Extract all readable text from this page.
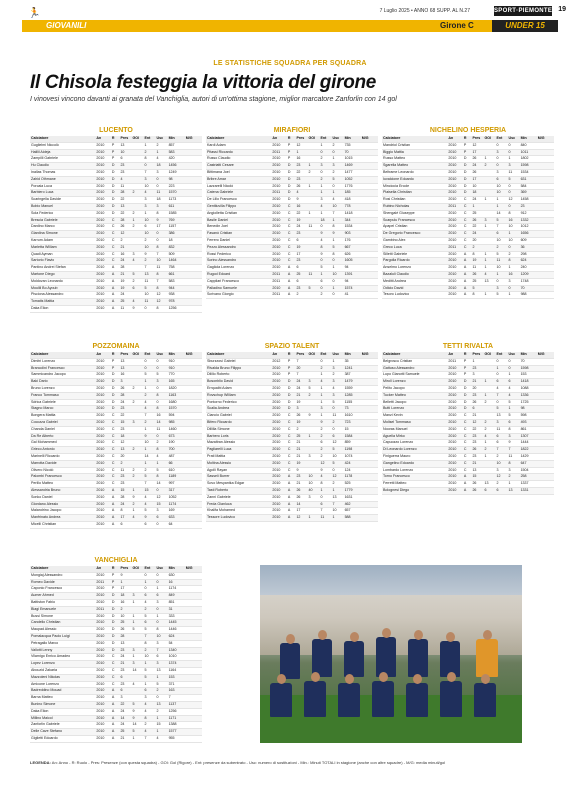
🏃	7 Luglio 2025 • ANNO 68 SUPP. AL N.27	SPORT·PIEMONTE 19
GIOVANILI	Girone C	UNDER 15
LE STATISTICHE SQUADRA PER SQUADRA
Il Chisola festeggia la vittoria del girone
I vinovesi vincono davanti ai granata del Vanchiglia, autori di un'ottima stagione, miglior marcatore Zanforlin con 14 gol
LUCENTO
Calciatore	An	R	Pres	GOl	Ent	Usc	Min	M/G
Guglielmi Niccolò	2010	P	13		1	2	857	
Halilil Aldeja	2010	P	10		2	1	583	
Zampilli Gabriele	2010	P	6		8	4	420	
Hu Claudio	2010	D	23		0	18	1456	
Inallas Thomas	2010	D	23		7	3	1249	
Zahid Othmane	2010	D	4		3	0	98	
Porcaia Luca	2010	D	11		10	0	223	
Barbiero Luca	2010	D	28	2	4	11	1570	
Scaringella Davide	2010	D	22		3	18	1173	
Bobio Manuel	2010	D	13		3	3	611	
Sola Federico	2010	D	22	2	1	8	1585	
Brescia Gabriele	2010	C	28	1	10	9	769	
Dardino Marco	2010	C	26	2	6	17	1157	
Giardina Simone	2010	C	12		10	0	386	
Karrum Adam	2010	C	2		2	0	18	
Marletta William	2010	C	21		10	8	832	
Quadi Ayman	2010	C	16	3	9	7	509	
Sartorio Flavio	2010	C	24	4	2	10	1464	
Pantino Andrei Stefan	2010	A	28		7	11	758	
Martone Diego	2010	A	21	5	13	8	661	
Moldovan Leonardo	2010	A	19	2	11	7	583	
Moulili Bo Ayoub	2010	A	19	6	5	8	944	
Pisciona Alessandro	2010	A	24		10	12	938	
Tomatis Mattia	2010	A	25	4	11	12	978	
Daka Elion	2010	A	11	9	0	8	1256	
MIRAFIORI
Calciatore	An	R	Pres	GOl	Ent	Usc	Min	M/G
Kardi Adam	2010	P	12		1	2	735	
Pitassi Riccardo	2011	P	1		0	0	70	
Russo Claudio	2010	P	16		2	1	1015	
Castriatti Cesare	2010	D	23	1	3	3	1469	
Bittimana Joel	2010	D	22	2	0	2	1477	
Bribre Amar	2010	D	23		2	5	1052	
Lazzarelli Nicolò	2010	D	26	1	1	0	1776	
Catena Gabriele	2011	D	4		1	1	185	
De Lillo Francesco	2010	D	9		3	4	418	
Gentiluvilla Filippo	2010	C	16		4	10	778	
Angiolletta Cristian	2010	C	22	1	1	7	1418	
Basile Daniel	2010	C	19		18	1	344	
Benedin Joel	2010	C	24	11	0	8	1534	
Fasanò Cristian	2010	C	23		9	9	903	
Ferrero Daniel	2010	C	6		4	1	176	
Pezzo Alessandro	2010	C	19		8	5	667	
Rossi Federico	2010	C	17		9	8	626	
Sorino Alessandro	2010	C	23		0	0	1605	
Gagliola Lorenzo	2010	A	6		5	1	94	
Rugod Edoard	2011	A	25	11	1	10	1391	
Cappilari Francesco	2011	A	6		6	0	94	
Palladino Samuele	2010	A	23	5	0	1	1574	
Scrivano Giorgio	2011	A	2		2	0	41	
NICHELINO HESPERIA
Calciatore	An	R	Pres	GOl	Ent	Usc	Min	M/G
Mandriol Cristian	2010	P	12		0	0	840	
Biggio Mattia	2010	P	17		3	0	1011	
Russo Matteo	2010	D	26	1	0	1	1802	
Sgarella Matteo	2010	D	24	2	0	3	1598	
Beltrame Leonardo	2010	D	26		3	11	1534	
Iuvalcione Edoardo	2010	D	17		6	5	631	
Minciocia Ercole	2010	D	10		10	0	584	
Plaisella Christian	2010	D	18		10	0	369	
Rosi Christian	2010	C	24	1	1	12	1458	
Rubino Nicholas	2011	C	1		1	0	23	
Shengalé Giuseppe	2010	C	25		14	8	912	
Scarpulu Francesco	2010	C	26	3	5	16	1332	
Apapel Cristian	2010	C	22	1	7	10	1012	
De Gregorio Francesco	2010	C	24		6	1	1656	
Gambino Alex	2010	C	20		10	10	609	
Greco Luca	2011	C	2		2	0	36	
Silletti Gabriele	2010	A	8	1	5	2	298	
Pargolla Ricardo	2010	A	19	1	11	8	624	
Anselmo Lorenzo	2010	A	11	1	10	1	240	
Bazaluli Claudio	2010	A	26	4	1	16	1209	
Meditti Andrea	2010	A	25	13	0	3	1748	
Odicio David	2010	A	5		3	0	70	
Tesoro Ludovico	2010	A	8	1	5	1	988	
POZZOMAINA
Calciatore	An	R	Pres	GOl	Ent	Usc	Min	M/G
Dimitri Lorenzo	2010	P	13		0	0	910	
Brancolini Francesco	2010	P	13		0	0	910	
Sammicandro Jacopo	2010	D	16		5	5	770	
Baki Dario	2010	D	3		1	3	165	
Bruno Lorenzo	2010	D	26	2	1	0	1820	
Franco Tommaso	2010	D	28		2	8	1163	
Sdrica Gabriele	2010	D	24	2	4	0	1680	
Stagno Marco	2010	D	23		4	8	1570	
Bongera Mattia	2010	C	22		7	16	594	
Cocozza Gabriel	2010	C	15	3	2	14	985	
Chanda Daniel	2010	C	23		1	11	1460	
Da Re Alberto	2010	C	18		9	0	673	
Gal Mohammed	2010	C	12		10	2	190	
Grieco Antonio	2010	C	13	2	1	8	700	
Marinelli Riccardo	2010	C	20		14	4	487	
Marrotta Davide	2010	C	2		1	1	66	
Olivero Nicolò	2010	C	11	2	2	5	610	
Palombi Francesco	2010	C	23	2	5	8	1189	
Perillo Matteo	2010	C	23		7	14	997	
Alessandria Bruno	2010	A	15	1	15	0	317	
Sonko Daniel	2010	A	28	9	4	12	1052	
Giordano Alessio	2010	A	24	2	4	15	1174	
Malandrino Jacopo	2010	A	8	1	5	3	169	
Manfrinato Andrea	2010	A	17	4	9	6	633	
Micelli Christian	2010	A	6		6	0	64	
SPAZIO TALENT
Calciatore	An	R	Pres	GOl	Ent	Usc	Min	M/G
Sburzzosi Gabriel	2012	P	7		0	1	35	
Rivalda Bruno Filippo	2010	P	20		2	3	1241	
Dilillo Roberto	2010	P	7		1	2	387	
Bosonblio David	2010	D	24	3	4	3	1479	
Errquaibi Adam	2010	D	24	5	1	4	1559	
Rovschup William	2010	D	21	2	1	3	1285	
Pontorno Federico	2010	D	19		1	5	1155	
Scalia Andrea	2010	D	3		3	0	73	
Ciancio Gabriel	2010	C	26	9	1	11	1610	
Bifero Riccardo	2010	C	19		9	2	723	
Dillilla Simone	2010	C	2		2	0	15	
Barbero Loris	2010	C	25	1	2	6	1584	
Mazaltran Alessio	2010	C	21		6	12	859	
Pagliarelli Luca	2010	C	21		2	5	1198	
Prati Mattia	2010	C	21	3	2	10	1074	
Moltina Alessio	2010	C	19		12	5	424	
Agolli Rayan	2010	C	9		9	0	124	
Sasseli Burrer	2010	A	23	10	4	12	1178	
Sovo Mesyantka Edgar	2010	A	21	10	8	2	525	
Tasti Roberto	2010	A	26	40	1	1	1779	
Zanni Gabriele	2010	A	26	3	0	13	1631	
Freda Gianluca	2010	A	14		6	7	462	
Khalifa Mohamed	2010	A	17		7	10	657	
Tessore Ludovico	2010	A	12	1	11	1	588	
TETTI RIVALTA
Calciatore	An	R	Pres	GOl	Ent	Usc	Min	M/G
Belgroscu Cristian	2011	P	1		0	0	70	
Gattuso Alessandro	2010	P	23		1	0	1598	
Lupo Gianotti Samuele	2010	P	3		0	1	153	
Miroll Lorenzo	2010	D	21	1	6	6	1418	
Pelito Jacopo	2010	D	20		4	4	1088	
Tucker Matteo	2010	D	23	1	7	4	1336	
Belletti Jacopo	2010	D	26	2	0	5	1725	
Butti Lorenzo	2010	D	6		5	1	98	
Manzi Kevin	2010	C	21		13	5	598	
Molisel Tommaso	2010	C	12	2	3	6	493	
Nooras Manuel	2010	C	22	2	11	8	861	
Aguella Mirko	2010	C	23	4	6	3	1307	
Capuozzo Lorenzo	2010	C	23	1	6	9	1444	
Di Leonardo Lorenzo	2010	C	26	2	7	7	1822	
Finiguerra Mauro	2010	C	23	1	2	11	1429	
Gangelino Edoardo	2010	C	21		10	8	647	
Lombardo Lorenzo	2010	C	13		3	3	1504	
Torno Francesco	2010	A	15		12	2	258	
Ferretti Matteo	2010	A	26	13	2	1	1337	
Bolognesi Diego	2010	A	26	6	6	13	1331	
VANCHIGLIA
Calciatore	An	R	Pres	GOl	Ent	Usc	Min	M/G
Mongiaj Alessandro	2010	P	9		0	0	630	
Romeo Davide	2011	P	1		1	0	16	
Caponio Francesco	2010	P	17		0	1	1174	
Aumer Ahmed	2010	D	18	3	6	6	849	
Battiston Fabio	2010	D	16	1	4	3	851	
Biagi Emanuele	2011	D	2		2	0	31	
Bussi Simone	2010	D	10	1	5	1	333	
Candello Christian	2010	D	25	1	6	0	1445	
Maupad Alessio	2010	D	26	5	5	8	1446	
Pomalacqua Paolo Luigi	2010	D	28		7	10	624	
Petragallo Marco	2010	D	13		8	3	54	
Vallotti Lenny	2010	D	23	3	2	7	1340	
Vilamigo Enrico Amadeo	2010	C	24	1	10	6	1010	
Lopez Lorenzo	2010	C	21	3	1	3	1374	
Abouzid Zakaria	2010	C	23	14	5	13	1164	
Mazzoleni Nikolas	2010	C	6		5	1	153	
Amicone Lorenzo	2010	C	23	4	1	5	371	
Badreddino Mouad	2010	A	6		6	2	163	
Barna Matteo	2010	A	3		3	0	7	
Bunino Simone	2010	A	22	5	4	13	1137	
Daka Elion	2010	A	24	9	4	2	1256	
Millino Maicol	2010	A	14	9	8	1	1171	
Zanforlin Gabriele	2010	A	24	14	2	15	1388	
Delle Cave Stefano	2010	A	25	5	4	1	1577	
Giglietti Edoardo	2010	A	21	1	7	4	955	
LEGENDA: An: Anno - R: Ruolo - Pres: Presenze (con questa squadra) - GOl: Gol (Rigore) - Ent: presenze da subentrato - Usc: numero di sostituzioni - Min.: Minuti TOTALI in stagione (anche con altre squadre) - M/G: media minuti/gol
